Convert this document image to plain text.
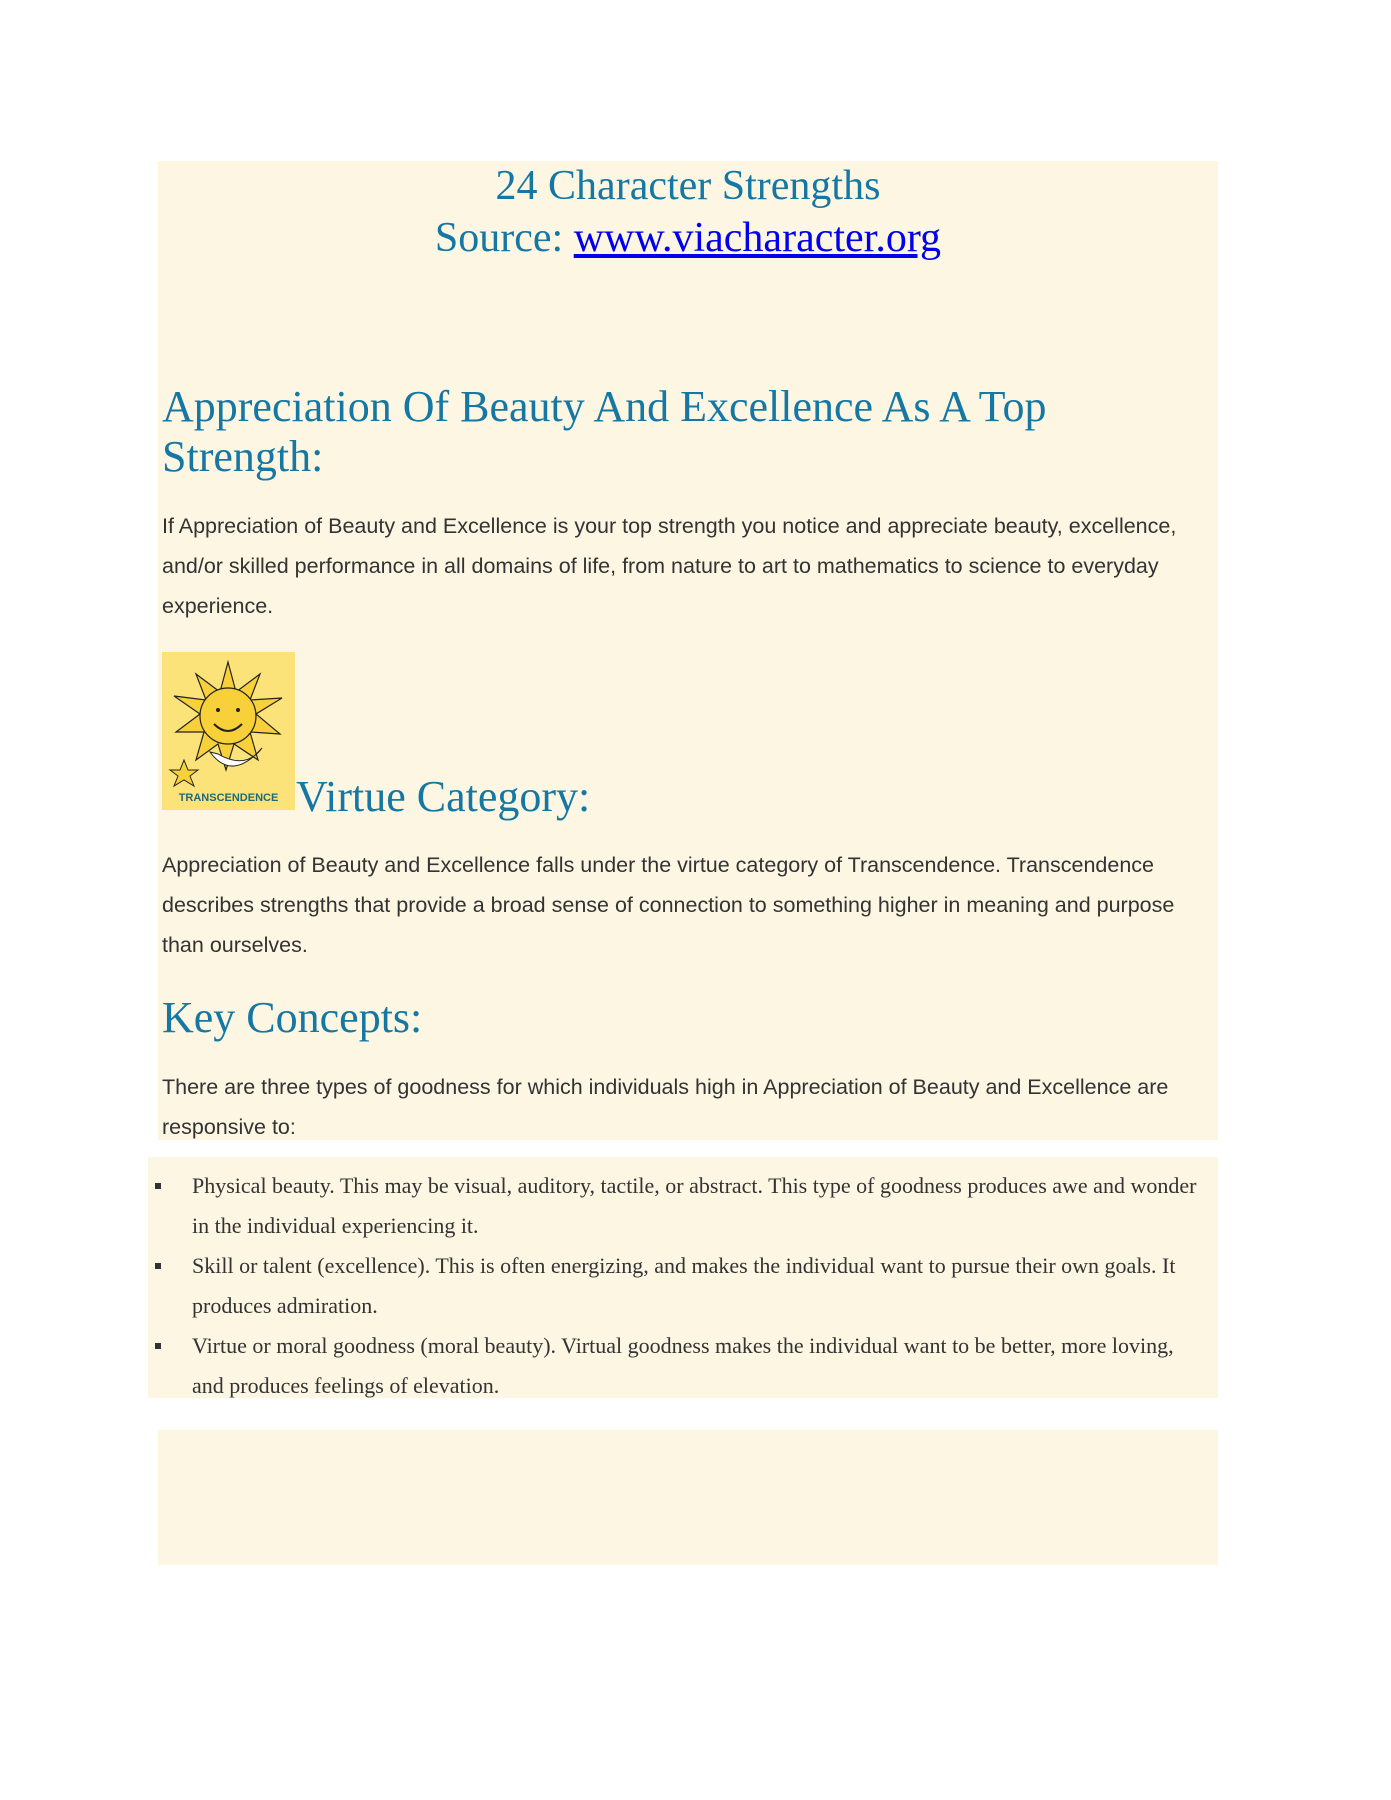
24 Character Strengths
Source: www.viacharacter.org
Appreciation Of Beauty And Excellence As A Top Strength:

If Appreciation of Beauty and Excellence is your top strength you notice and appreciate beauty, excellence, and/or skilled performance in all domains of life, from nature to art to mathematics to science to everyday experience.

TRANSCENDENCE Virtue Category:

Appreciation of Beauty and Excellence falls under the virtue category of Transcendence. Transcendence describes strengths that provide a broad sense of connection to something higher in meaning and purpose than ourselves.

Key Concepts:

There are three types of goodness for which individuals high in Appreciation of Beauty and Excellence are responsive to:

Physical beauty. This may be visual, auditory, tactile, or abstract. This type of goodness produces awe and wonder in the individual experiencing it.
Skill or talent (excellence). This is often energizing, and makes the individual want to pursue their own goals. It produces admiration.
Virtue or moral goodness (moral beauty). Virtual goodness makes the individual want to be better, more loving, and produces feelings of elevation.
